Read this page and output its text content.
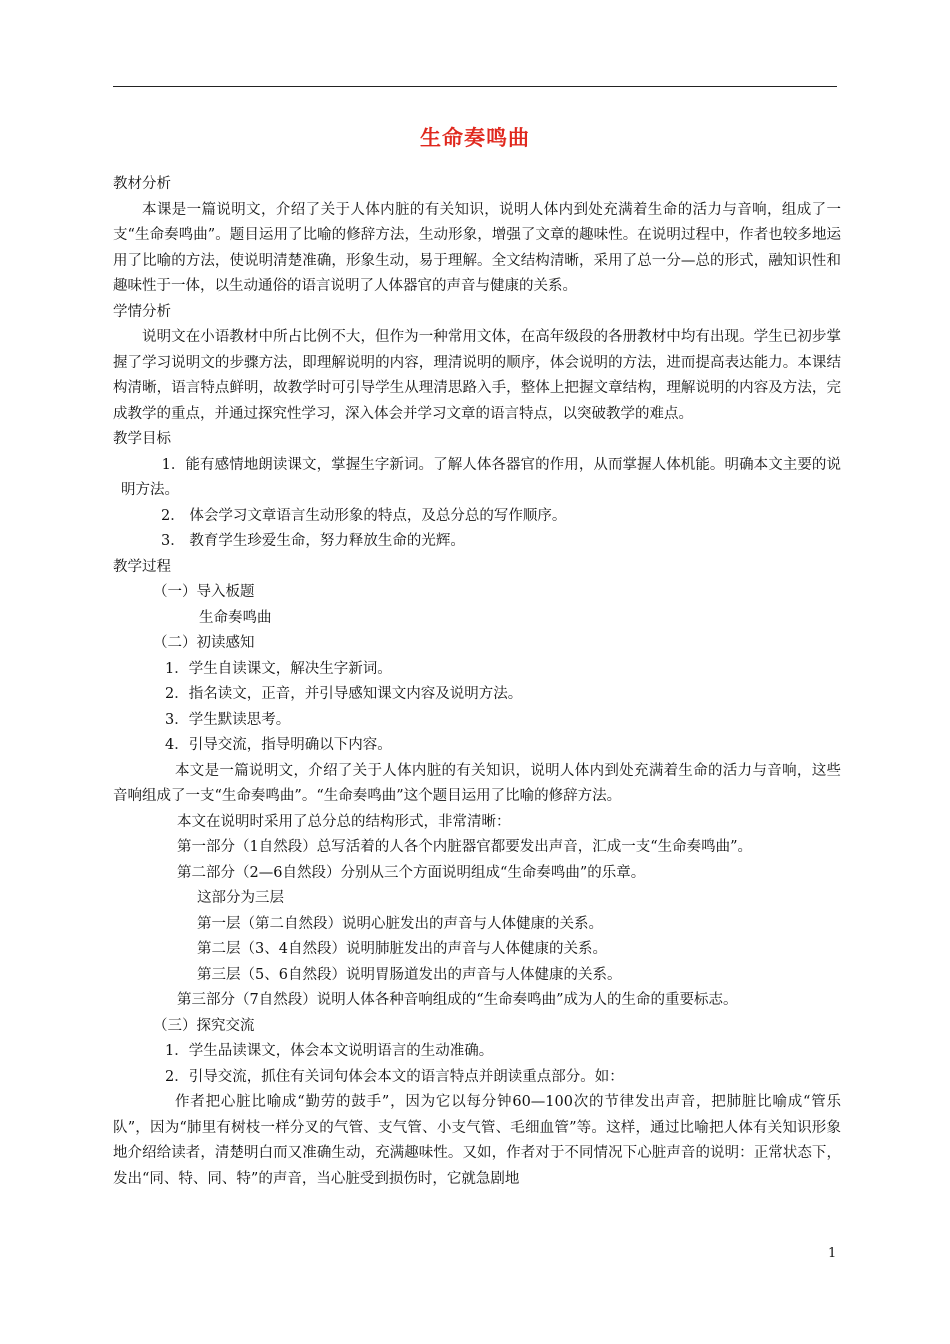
生命奏鸣曲

教材分析

本课是一篇说明文，介绍了关于人体内脏的有关知识，说明人体内到处充满着生命的活力与音响，组成了一支“生命奏鸣曲”。题目运用了比喻的修辞方法，生动形象，增强了文章的趣味性。在说明过程中，作者也较多地运用了比喻的方法，使说明清楚准确，形象生动，易于理解。全文结构清晰，采用了总一分—总的形式，融知识性和趣味性于一体，以生动通俗的语言说明了人体器官的声音与健康的关系。

学情分析

说明文在小语教材中所占比例不大，但作为一种常用文体，在高年级段的各册教材中均有出现。学生已初步掌握了学习说明文的步骤方法，即理解说明的内容，理清说明的顺序，体会说明的方法，进而提高表达能力。本课结构清晰，语言特点鲜明，故教学时可引导学生从理清思路入手，整体上把握文章结构，理解说明的内容及方法，完成教学的重点，并通过探究性学习，深入体会并学习文章的语言特点，以突破教学的难点。

教学目标

1．能有感情地朗读课文，掌握生字新词。了解人体各器官的作用，从而掌握人体机能。明确本文主要的说明方法。

2． 体会学习文章语言生动形象的特点，及总分总的写作顺序。

3． 教育学生珍爱生命，努力释放生命的光辉。

教学过程

（一）导入板题

生命奏鸣曲

（二）初读感知

1．学生自读课文，解决生字新词。

2．指名读文，正音，并引导感知课文内容及说明方法。

3．学生默读思考。

4．引导交流，指导明确以下内容。

本文是一篇说明文，介绍了关于人体内脏的有关知识，说明人体内到处充满着生命的活力与音响，这些音响组成了一支“生命奏鸣曲”。“生命奏鸣曲”这个题目运用了比喻的修辞方法。

本文在说明时采用了总分总的结构形式，非常清晰：

第一部分（1自然段）总写活着的人各个内脏器官都要发出声音，汇成一支“生命奏鸣曲”。

第二部分（2—6自然段）分别从三个方面说明组成“生命奏鸣曲”的乐章。

这部分为三层

第一层（第二自然段）说明心脏发出的声音与人体健康的关系。

第二层（3、4自然段）说明肺脏发出的声音与人体健康的关系。

第三层（5、6自然段）说明胃肠道发出的声音与人体健康的关系。

第三部分（7自然段）说明人体各种音响组成的“生命奏鸣曲”成为人的生命的重要标志。

（三）探究交流

1．学生品读课文，体会本文说明语言的生动准确。

2．引导交流，抓住有关词句体会本文的语言特点并朗读重点部分。如：

作者把心脏比喻成“勤劳的鼓手”，因为它以每分钟60—100次的节律发出声音，把肺脏比喻成“管乐队”，因为“肺里有树枝一样分叉的气管、支气管、小支气管、毛细血管”等。这样，通过比喻把人体有关知识形象地介绍给读者，清楚明白而又准确生动，充满趣味性。又如，作者对于不同情况下心脏声音的说明：正常状态下，发出“同、特、同、特”的声音，当心脏受到损伤时，它就急剧地

1
